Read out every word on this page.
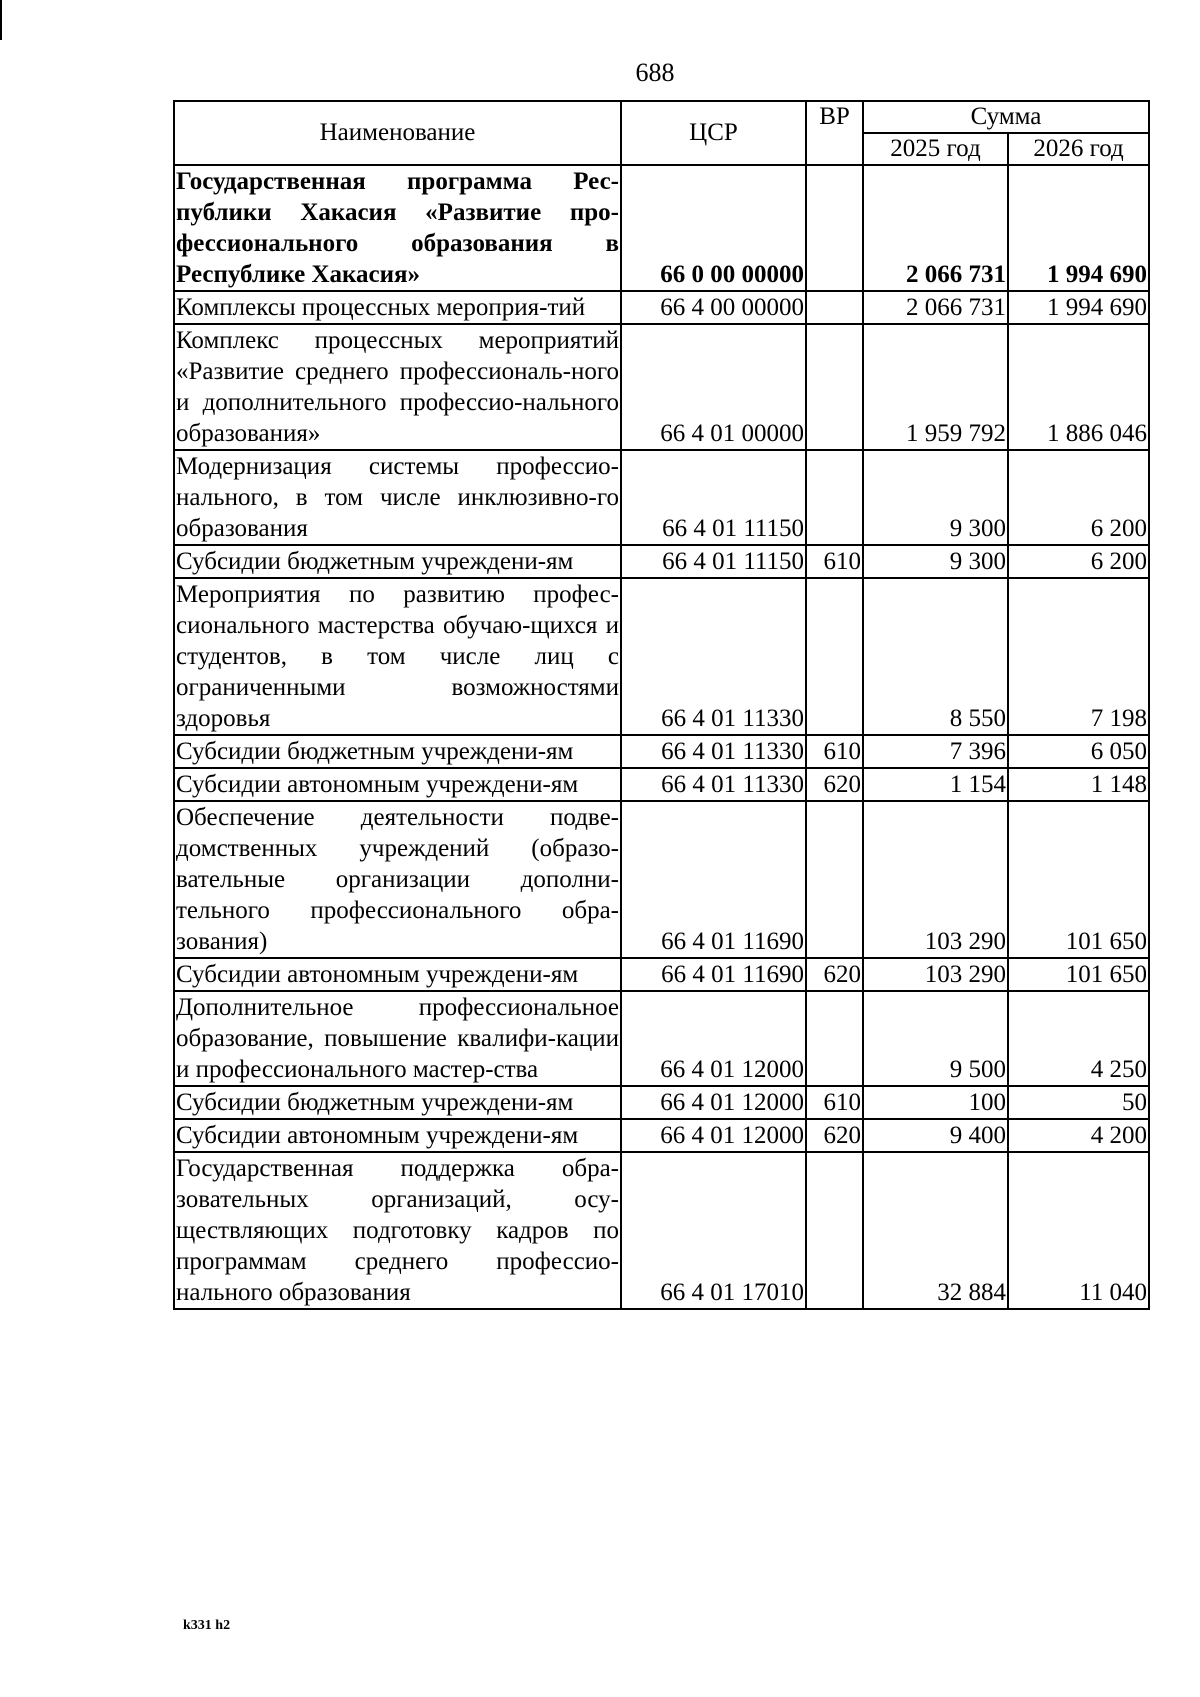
688
Наименование	ЦСР	ВР	Сумма	
			2025 год	2026 год
Государственная программа Рес-публики Хакасия «Развитие про-фессионального образования в Республике Хакасия»	66 0 00 00000		2 066 731	1 994 690
Комплексы процессных мероприя-тий	66 4 00 00000		2 066 731	1 994 690
Комплекс процессных мероприятий «Развитие среднего профессиональ-ного и дополнительного профессио-нального образования»	66 4 01 00000		1 959 792	1 886 046
Модернизация системы профессио-нального, в том числе инклюзивно-го образования	66 4 01 11150		9 300	6 200
Субсидии бюджетным учреждени-ям	66 4 01 11150	610	9 300	6 200
Мероприятия по развитию профес-сионального мастерства обучаю-щихся и студентов, в том числе лиц с ограниченными возможностями здоровья	66 4 01 11330		8 550	7 198
Субсидии бюджетным учреждени-ям	66 4 01 11330	610	7 396	6 050
Субсидии автономным учреждени-ям	66 4 01 11330	620	1 154	1 148
Обеспечение деятельности подве-домственных учреждений (образо-вательные организации дополни-тельного профессионального обра-зования)	66 4 01 11690		103 290	101 650
Субсидии автономным учреждени-ям	66 4 01 11690	620	103 290	101 650
Дополнительное профессиональное образование, повышение квалифи-кации и профессионального мастер-ства	66 4 01 12000		9 500	4 250
Субсидии бюджетным учреждени-ям	66 4 01 12000	610	100	50
Субсидии автономным учреждени-ям	66 4 01 12000	620	9 400	4 200
Государственная поддержка обра-зовательных организаций, осу-ществляющих подготовку кадров по программам среднего профессио-нального образования	66 4 01 17010		32 884	11 040
k331 h2
